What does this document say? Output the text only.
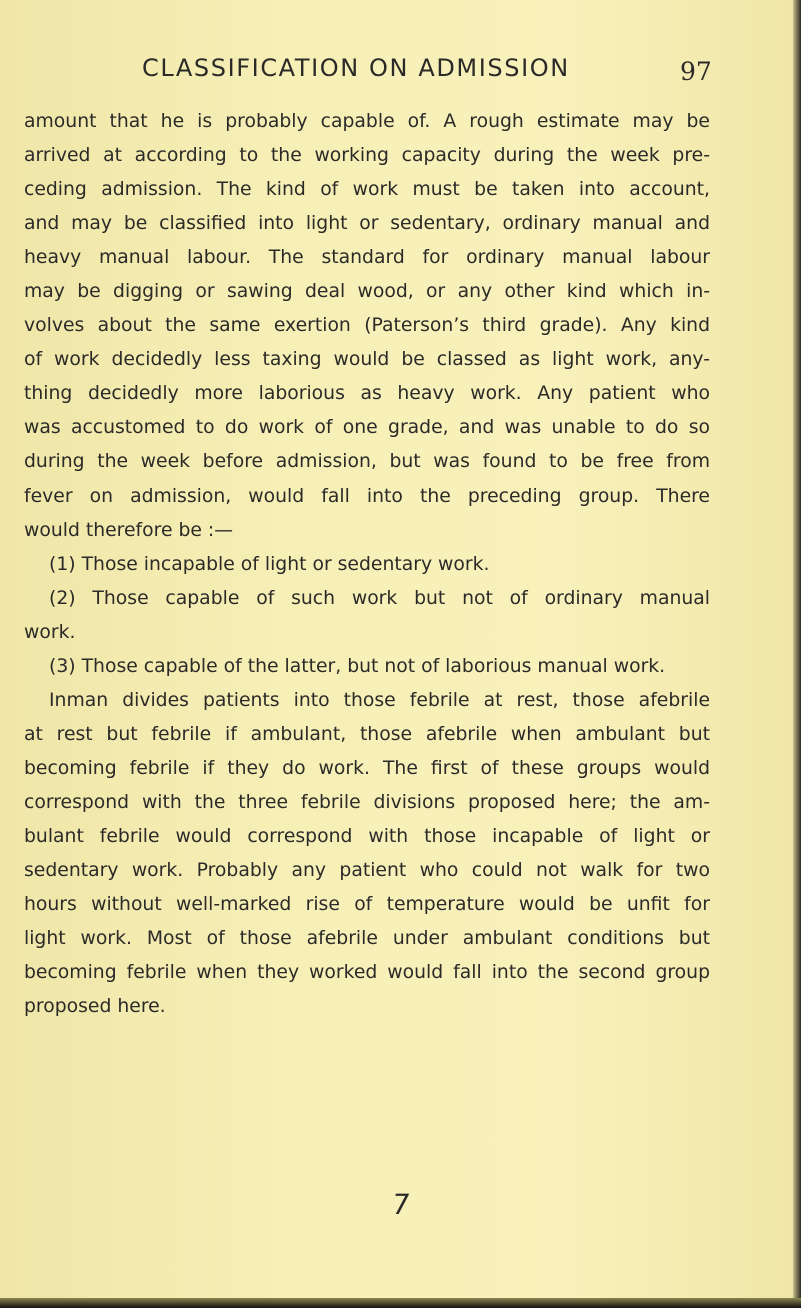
CLASSIFICATION ON ADMISSION	97
amount that he is probably capable of. A rough estimate may be
arrived at according to the working capacity during the week pre-
ceding admission. The kind of work must be taken into account,
and may be classified into light or sedentary, ordinary manual and
heavy manual labour. The standard for ordinary manual labour
may be digging or sawing deal wood, or any other kind which in-
volves about the same exertion (Paterson’s third grade). Any kind
of work decidedly less taxing would be classed as light work, any-
thing decidedly more laborious as heavy work. Any patient who
was accustomed to do work of one grade, and was unable to do so
during the week before admission, but was found to be free from
fever on admission, would fall into the preceding group. There
would therefore be :—
(1) Those incapable of light or sedentary work.
(2) Those capable of such work but not of ordinary manual
work.
(3) Those capable of the latter, but not of laborious manual work.
Inman divides patients into those febrile at rest, those afebrile
at rest but febrile if ambulant, those afebrile when ambulant but
becoming febrile if they do work. The first of these groups would
correspond with the three febrile divisions proposed here; the am-
bulant febrile would correspond with those incapable of light or
sedentary work. Probably any patient who could not walk for two
hours without well-marked rise of temperature would be unfit for
light work. Most of those afebrile under ambulant conditions but
becoming febrile when they worked would fall into the second group
proposed here.
7
